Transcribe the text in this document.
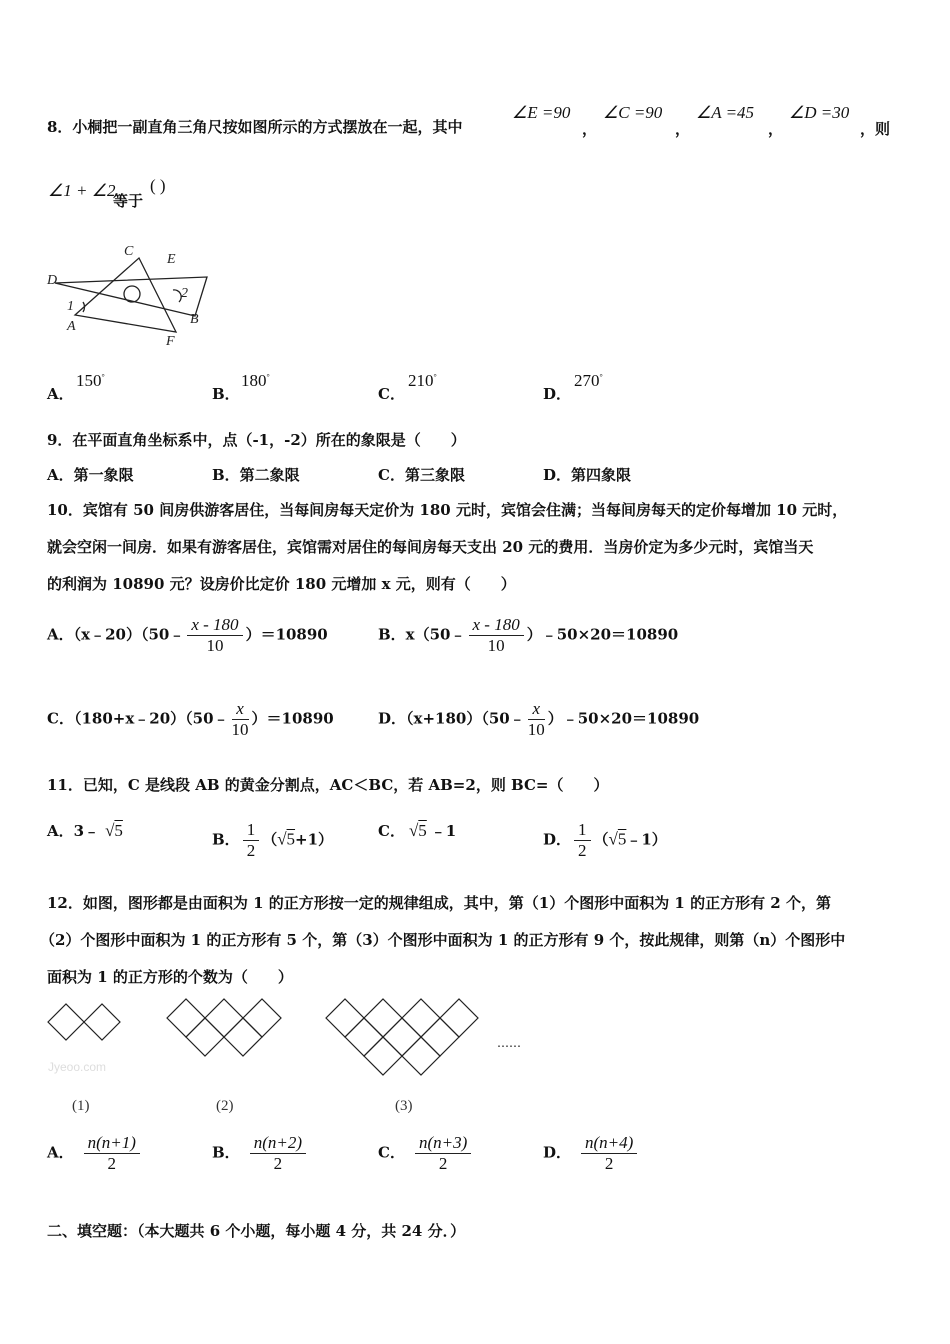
8．小桐把一副直角三角尺按如图所示的方式摆放在一起，其中
∠E =90
，
∠C =90
，
∠A =45
，
∠D =30
，则
∠1 + ∠2
等于
( )
C
E
D
1
2
A	B
F
A．
150°
B．
180°
C．
210°
D．
270°
9．在平面直角坐标系中，点（-1，-2）所在的象限是（　　）
A．第一象限	B．第二象限	C．第三象限	D．第四象限
10．宾馆有 50 间房供游客居住，当每间房每天定价为 180 元时，宾馆会住满；当每间房每天的定价每增加 10 元时，
就会空闲一间房．如果有游客居住，宾馆需对居住的每间房每天支出 20 元的费用．当房价定为多少元时，宾馆当天
的利润为 10890 元？设房价比定价 180 元增加 x 元，则有（　　）
A．（x﹣20）（50﹣ $\frac{x - 180}{10} )=10890$	B．x（50﹣ $\frac{x - 180}{10}$ ）﹣50×20＝10890
C．（180+x﹣20）（50﹣ $\frac{x}{10} )=10890$	D．（x+180）（50﹣ $\frac{x}{10}$ ）﹣50×20＝10890
11．已知，C 是线段 AB 的黄金分割点，AC＜BC，若 AB=2，则 BC=（　　）
A．3﹣ √5	B． $\frac{1}{2} (√5+1)$	C． √5 ﹣1	D． $\frac{1}{2}$ （√5﹣1）
12．如图，图形都是由面积为 1 的正方形按一定的规律组成，其中，第（1）个图形中面积为 1 的正方形有 2 个，第
（2）个图形中面积为 1 的正方形有 5 个，第（3）个图形中面积为 1 的正方形有 9 个，按此规律，则第（n）个图形中
面积为 1 的正方形的个数为（　　）
……
Jyeoo.com
(1)	(2)	(3)
A． $\frac{n(n+1)}{2}$	B． $\frac{n(n+2)}{2}$	C． $\frac{n(n+3)}{2}$	D． $\frac{n(n+4)}{2}$
二、填空题：（本大题共 6 个小题，每小题 4 分，共 24 分．）
